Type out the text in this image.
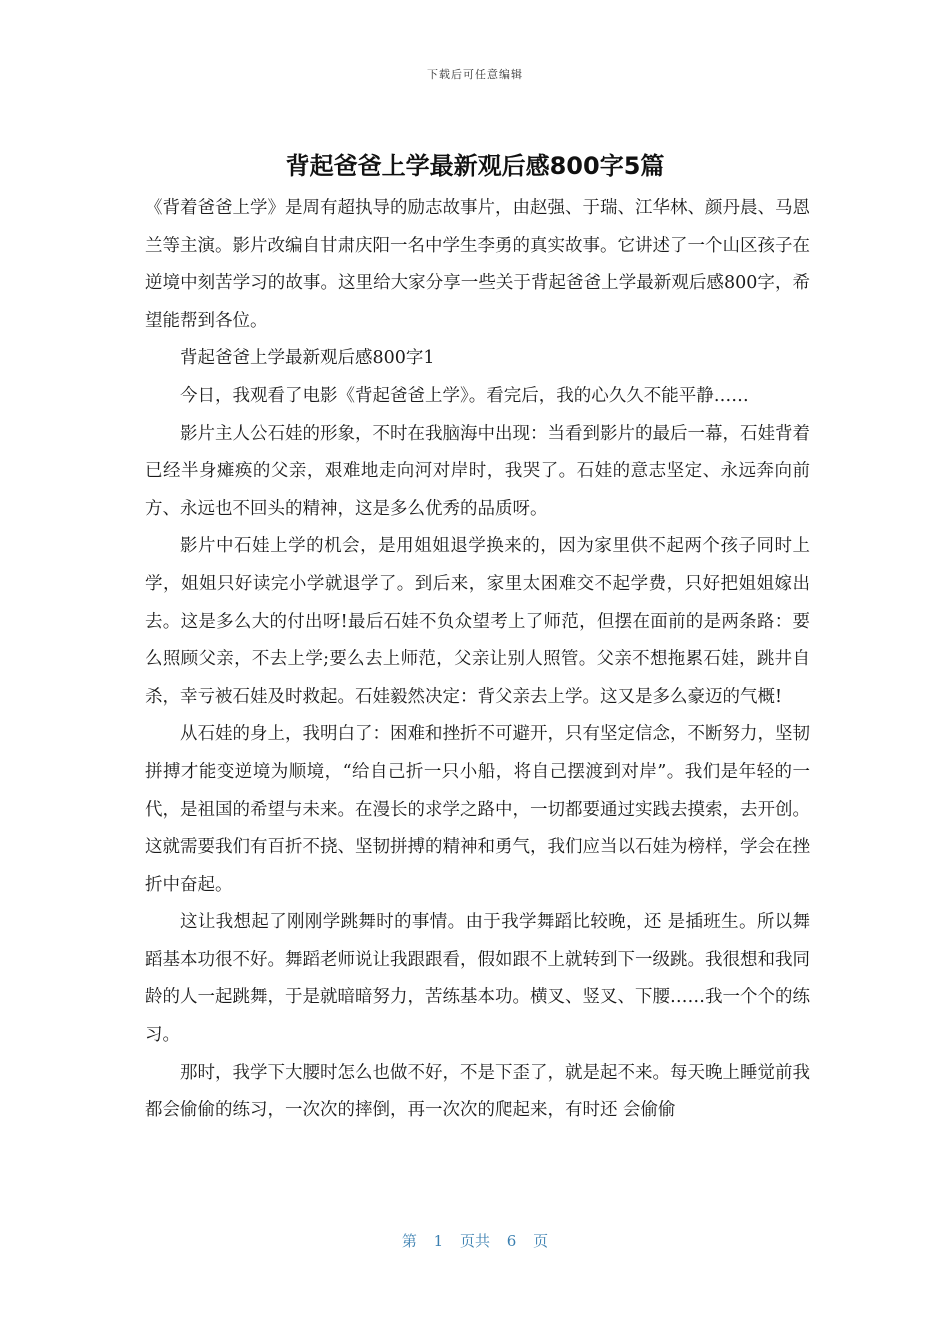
下载后可任意编辑
背起爸爸上学最新观后感800字5篇

《背着爸爸上学》是周有超执导的励志故事片，由赵强、于瑞、江华林、颜丹晨、马恩兰等主演。影片改编自甘肃庆阳一名中学生李勇的真实故事。它讲述了一个山区孩子在逆境中刻苦学习的故事。这里给大家分享一些关于背起爸爸上学最新观后感800字，希望能帮到各位。

背起爸爸上学最新观后感800字1

今日，我观看了电影《背起爸爸上学》。看完后，我的心久久不能平静……

影片主人公石娃的形象，不时在我脑海中出现：当看到影片的最后一幕，石娃背着已经半身瘫痪的父亲，艰难地走向河对岸时，我哭了。石娃的意志坚定、永远奔向前方、永远也不回头的精神，这是多么优秀的品质呀。

影片中石娃上学的机会，是用姐姐退学换来的，因为家里供不起两个孩子同时上学，姐姐只好读完小学就退学了。到后来，家里太困难交不起学费，只好把姐姐嫁出去。这是多么大的付出呀!最后石娃不负众望考上了师范，但摆在面前的是两条路：要么照顾父亲，不去上学;要么去上师范，父亲让别人照管。父亲不想拖累石娃，跳井自杀，幸亏被石娃及时救起。石娃毅然决定：背父亲去上学。这又是多么豪迈的气概!

从石娃的身上，我明白了：困难和挫折不可避开，只有坚定信念，不断努力，坚韧拼搏才能变逆境为顺境，“给自己折一只小船，将自己摆渡到对岸”。我们是年轻的一代，是祖国的希望与未来。在漫长的求学之路中，一切都要通过实践去摸索，去开创。这就需要我们有百折不挠、坚韧拼搏的精神和勇气，我们应当以石娃为榜样，学会在挫折中奋起。

这让我想起了刚刚学跳舞时的事情。由于我学舞蹈比较晚，还 是插班生。所以舞蹈基本功很不好。舞蹈老师说让我跟跟看，假如跟不上就转到下一级跳。我很想和我同龄的人一起跳舞，于是就暗暗努力，苦练基本功。横叉、竖叉、下腰……我一个个的练习。

那时，我学下大腰时怎么也做不好，不是下歪了，就是起不来。每天晚上睡觉前我都会偷偷的练习，一次次的摔倒，再一次次的爬起来，有时还 会偷偷

第 1 页共 6 页
